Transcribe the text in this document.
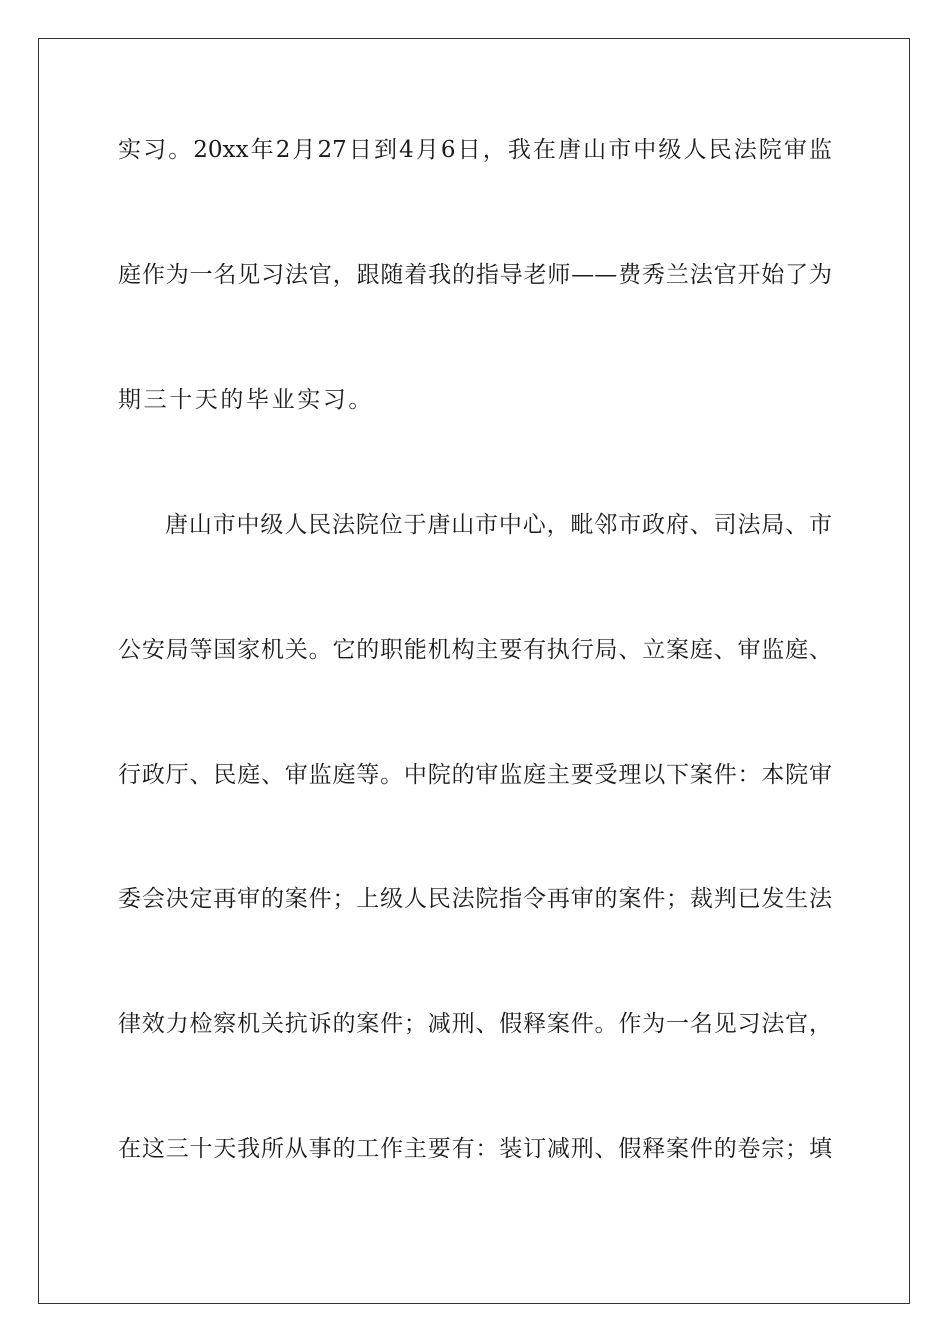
实习。20xx年2月27日到4月6日，我在唐山市中级人民法院审监
庭作为一名见习法官，跟随着我的指导老师——费秀兰法官开始了为
期三十天的毕业实习。
唐山市中级人民法院位于唐山市中心，毗邻市政府、司法局、市
公安局等国家机关。它的职能机构主要有执行局、立案庭、审监庭、
行政厅、民庭、审监庭等。中院的审监庭主要受理以下案件：本院审
委会决定再审的案件；上级人民法院指令再审的案件；裁判已发生法
律效力检察机关抗诉的案件；减刑、假释案件。作为一名见习法官，
在这三十天我所从事的工作主要有：装订减刑、假释案件的卷宗；填
